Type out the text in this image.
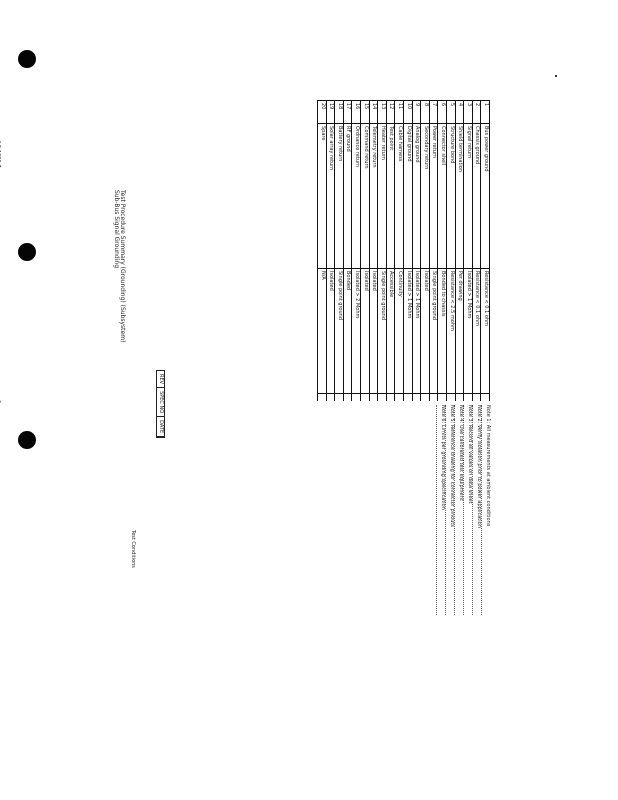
Test Procedure Summary (Grounding) (Subsystem)
Sub-Bus Signal Grounding
REV
SPEC NO
DATE
Test Conditions
1
Bus power ground
Resistance < 0.1 ohm
2
Chassis ground
Resistance < 0.1 ohm
3
Signal return
Isolated > 1 Mohm
4
Shield termination
Per drawing
5
Structure bond
Resistance < 2.5 mohm
6
Connector shell
Bonded to chassis
7
Power return
Single point ground
8
Secondary return
Isolated
9
Analog ground
Isolated > 1 Mohm
10
Digital ground
Isolated > 1 Mohm
11
Cable harness
Continuity
12
Test point
Accessible
13
Heater return
Single point ground
14
Telemetry return
Isolated
15
Command return
Isolated
16
Ordnance return
Isolated > 2 Mohm
17
RF ground
Bonded
18
Battery return
Single point ground
19
Solar array return
Isolated
20
Spare
N/A
Note 1: All measurements at ambient conditions
Note 2: Verify isolation prior to power application
Note 3: Record all values on data sheet
Note 4: Use calibrated test equipment
Note 5: Reference drawing for connector pinouts
Note 6: Limits per grounding specification
